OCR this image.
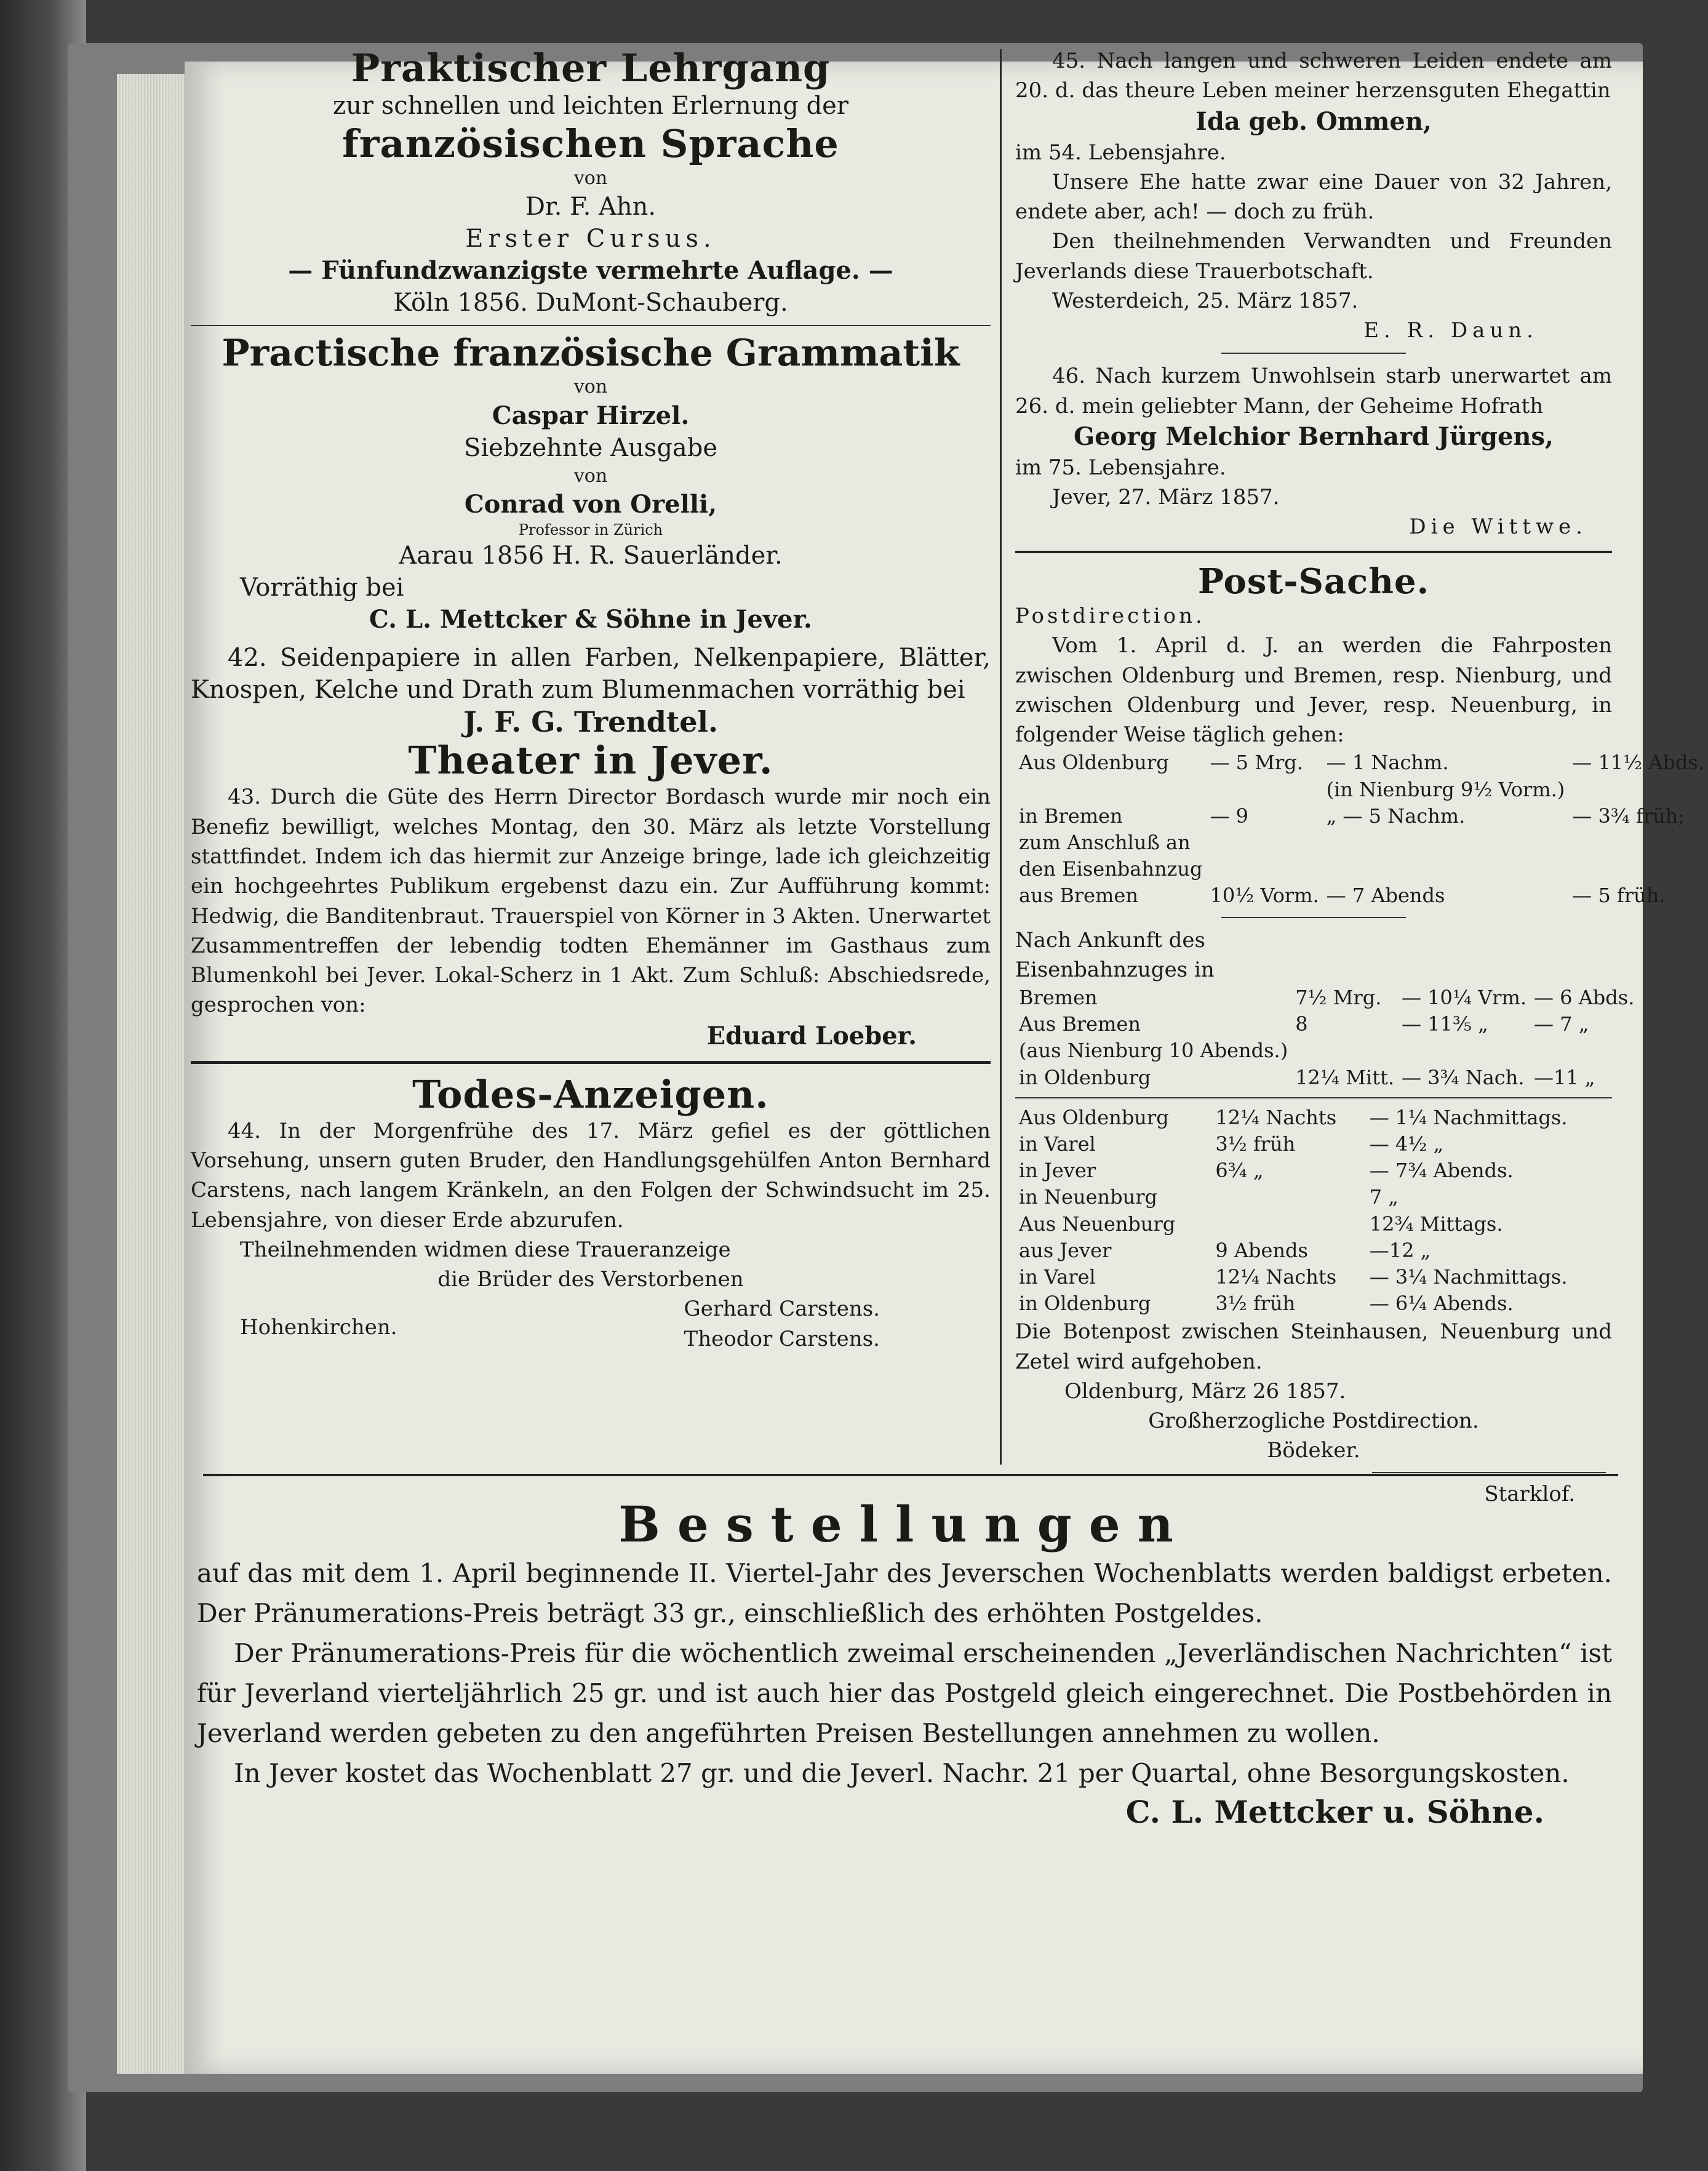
Praktischer Lehrgang
zur schnellen und leichten Erlernung der
französischen Sprache
von
Dr. F. Ahn.
Erster Cursus.
— Fünfundzwanzigste vermehrte Auflage. —
Köln 1856. DuMont-Schauberg.
Practische französische Grammatik
von
Caspar Hirzel.
Siebzehnte Ausgabe
von
Conrad von Orelli,
Professor in Zürich
Aarau 1856 H. R. Sauerländer.
Vorräthig bei
C. L. Mettcker & Söhne in Jever.

42. Seidenpapiere in allen Farben, Nelkenpapiere, Blätter, Knospen, Kelche und Drath zum Blumenmachen vorräthig bei

J. F. G. Trendtel.
Theater in Jever.

43. Durch die Güte des Herrn Director Bordasch wurde mir noch ein Benefiz bewilligt, welches Montag, den 30. März als letzte Vorstellung stattfindet. Indem ich das hiermit zur Anzeige bringe, lade ich gleichzeitig ein hochgeehrtes Publikum ergebenst dazu ein. Zur Aufführung kommt: Hedwig, die Banditenbraut. Trauerspiel von Körner in 3 Akten. Unerwartet Zusammentreffen der lebendig todten Ehemänner im Gasthaus zum Blumenkohl bei Jever. Lokal-Scherz in 1 Akt. Zum Schluß: Abschiedsrede, gesprochen von:

Eduard Loeber.
Todes-Anzeigen.

44. In der Morgenfrühe des 17. März gefiel es der göttlichen Vorsehung, unsern guten Bruder, den Handlungsgehülfen Anton Bernhard Carstens, nach langem Kränkeln, an den Folgen der Schwindsucht im 25. Lebensjahre, von dieser Erde abzurufen.

Theilnehmenden widmen diese Traueranzeige
die Brüder des Verstorbenen
Hohenkirchen.
Gerhard Carstens.
Theodor Carstens.

45. Nach langen und schweren Leiden endete am 20. d. das theure Leben meiner herzensguten Ehegattin

Ida geb. Ommen,

im 54. Lebensjahre.

Unsere Ehe hatte zwar eine Dauer von 32 Jahren, endete aber, ach! — doch zu früh.

Den theilnehmenden Verwandten und Freunden Jeverlands diese Trauerbotschaft.

Westerdeich, 25. März 1857.

E. R. Daun.

46. Nach kurzem Unwohlsein starb unerwartet am 26. d. mein geliebter Mann, der Geheime Hofrath

Georg Melchior Bernhard Jürgens,

im 75. Lebensjahre.

Jever, 27. März 1857.

Die Wittwe.
Post-Sache.
Postdirection.

Vom 1. April d. J. an werden die Fahrposten zwischen Oldenburg und Bremen, resp. Nienburg, und zwischen Oldenburg und Jever, resp. Neuenburg, in folgender Weise täglich gehen:

Aus Oldenburg	— 5 Mrg.	— 1 Nachm.	— 11½ Abds.
		(in Nienburg 9½ Vorm.)	
in Bremen	— 9	„ — 5 Nachm.	— 3¾ früh;
zum Anschluß an			
den Eisenbahnzug			
aus Bremen	10½ Vorm.	— 7 Abends	— 5 früh.
Nach Ankunft des Eisenbahnzuges in
Bremen	7½ Mrg.	— 10¼ Vrm.	— 6 Abds.
Aus Bremen	8	— 11⅗ „	— 7 „
(aus Nienburg 10 Abends.)			
in Oldenburg	12¼ Mitt.	— 3¾ Nach.	—11 „
Aus Oldenburg	12¼ Nachts	— 1¼ Nachmittags.
in Varel	3½ früh	— 4½ „
in Jever	6¾ „	— 7¾ Abends.
in Neuenburg		7 „
Aus Neuenburg		12¾ Mittags.
aus Jever	9 Abends	—12 „
in Varel	12¼ Nachts	— 3¼ Nachmittags.
in Oldenburg	3½ früh	— 6¼ Abends.

Die Botenpost zwischen Steinhausen, Neuenburg und Zetel wird aufgehoben.

Oldenburg, März 26 1857.
Großherzogliche Postdirection.
Bödeker.
Starklof.
Bestellungen

auf das mit dem 1. April beginnende II. Viertel-Jahr des Jeverschen Wochenblatts werden baldigst erbeten. Der Pränumerations-Preis beträgt 33 gr., einschließlich des erhöhten Postgeldes.

Der Pränumerations-Preis für die wöchentlich zweimal erscheinenden „Jeverländischen Nachrichten“ ist für Jeverland vierteljährlich 25 gr. und ist auch hier das Postgeld gleich eingerechnet. Die Postbehörden in Jeverland werden gebeten zu den angeführten Preisen Bestellungen annehmen zu wollen.

In Jever kostet das Wochenblatt 27 gr. und die Jeverl. Nachr. 21 per Quartal, ohne Besorgungskosten.

C. L. Mettcker u. Söhne.
